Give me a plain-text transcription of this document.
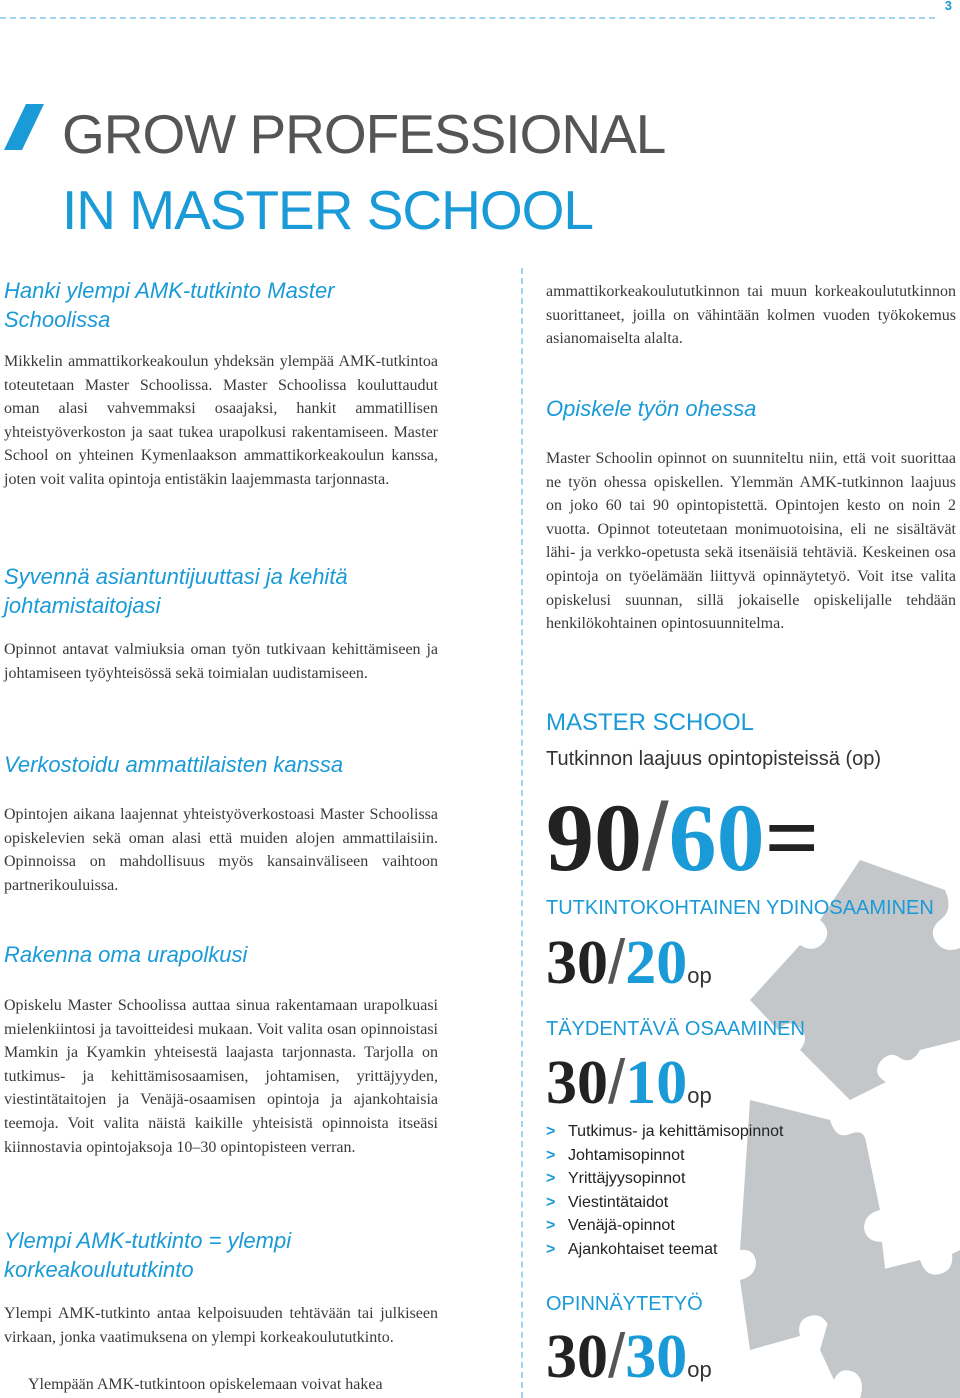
3
GROW PROFESSIONAL
IN MASTER SCHOOL
Hanki ylempi AMK-tutkinto Master Schoolissa

Mikkelin ammattikorkeakoulun yhdeksän ylempää AMK-tutkintoa toteutetaan Master Schoolissa. Master Schoolissa kouluttaudut oman alasi vahvemmaksi osaajaksi, hankit ammatillisen yhteistyöverkoston ja saat tukea urapolkusi rakentamiseen. Master School on yhteinen Kymenlaakson ammattikorkeakoulun kanssa, joten voit valita opintoja entistäkin laajemmasta tarjonnasta.

Syvennä asiantuntijuuttasi ja kehitä johtamistaitojasi

Opinnot antavat valmiuksia oman työn tutkivaan kehittämiseen ja johtamiseen työyhteisössä sekä toimialan uudistamiseen.

Verkostoidu ammattilaisten kanssa

Opintojen aikana laajennat yhteistyöverkostoasi Master Schoolissa opiskelevien sekä oman alasi että muiden alojen ammattilaisiin. Opinnoissa on mahdollisuus myös kansainväliseen vaihtoon partnerikouluissa.

Rakenna oma urapolkusi

Opiskelu Master Schoolissa auttaa sinua rakentamaan urapolkuasi mielenkiintosi ja tavoitteidesi mukaan. Voit valita osan opinnoistasi Mamkin ja Kyamkin yhteisestä laajasta tarjonnasta. Tarjolla on tutkimus- ja kehittämisosaamisen, johtamisen, yrittäjyyden, viestintätaitojen ja Venäjä-osaamisen opintoja ja ajankohtaisia teemoja. Voit valita näistä kaikille yhteisistä opinnoista itseäsi kiinnostavia opintojaksoja 10–30 opintopisteen verran.

Ylempi AMK-tutkinto = ylempi korkeakoulututkinto

Ylempi AMK-tutkinto antaa kelpoisuuden tehtävään tai julkiseen virkaan, jonka vaatimuksena on ylempi korkeakoulututkinto.

Ylempään AMK-tutkintoon opiskelemaan voivat hakea

ammattikorkeakoulututkinnon tai muun korkeakoulututkinnon suorittaneet, joilla on vähintään kolmen vuoden työkokemus asianomaiselta alalta.

Opiskele työn ohessa

Master Schoolin opinnot on suunniteltu niin, että voit suorittaa ne työn ohessa opiskellen. Ylemmän AMK-tutkinnon laajuus on joko 60 tai 90 opintopistettä. Opintojen kesto on noin 2 vuotta. Opinnot toteutetaan monimuotoisina, eli ne sisältävät lähi- ja verkko-opetusta sekä itsenäisiä tehtäviä. Keskeinen osa opintoja on työelämään liittyvä opinnäytetyö. Voit itse valita opiskelusi suunnan, sillä jokaiselle opiskelijalle tehdään henkilökohtainen opintosuunnitelma.

MASTER SCHOOL

Tutkinnon laajuus opintopisteissä (op)

90/60=

TUTKINTOKOHTAINEN YDINOSAAMINEN

30/20op

TÄYDENTÄVÄ OSAAMINEN

30/10op
> Tutkimus- ja kehittämisopinnot
> Johtamisopinnot
> Yrittäjyysopinnot
> Viestintätaidot
> Venäjä-opinnot
> Ajankohtaiset teemat

OPINNÄYTETYÖ

30/30op
